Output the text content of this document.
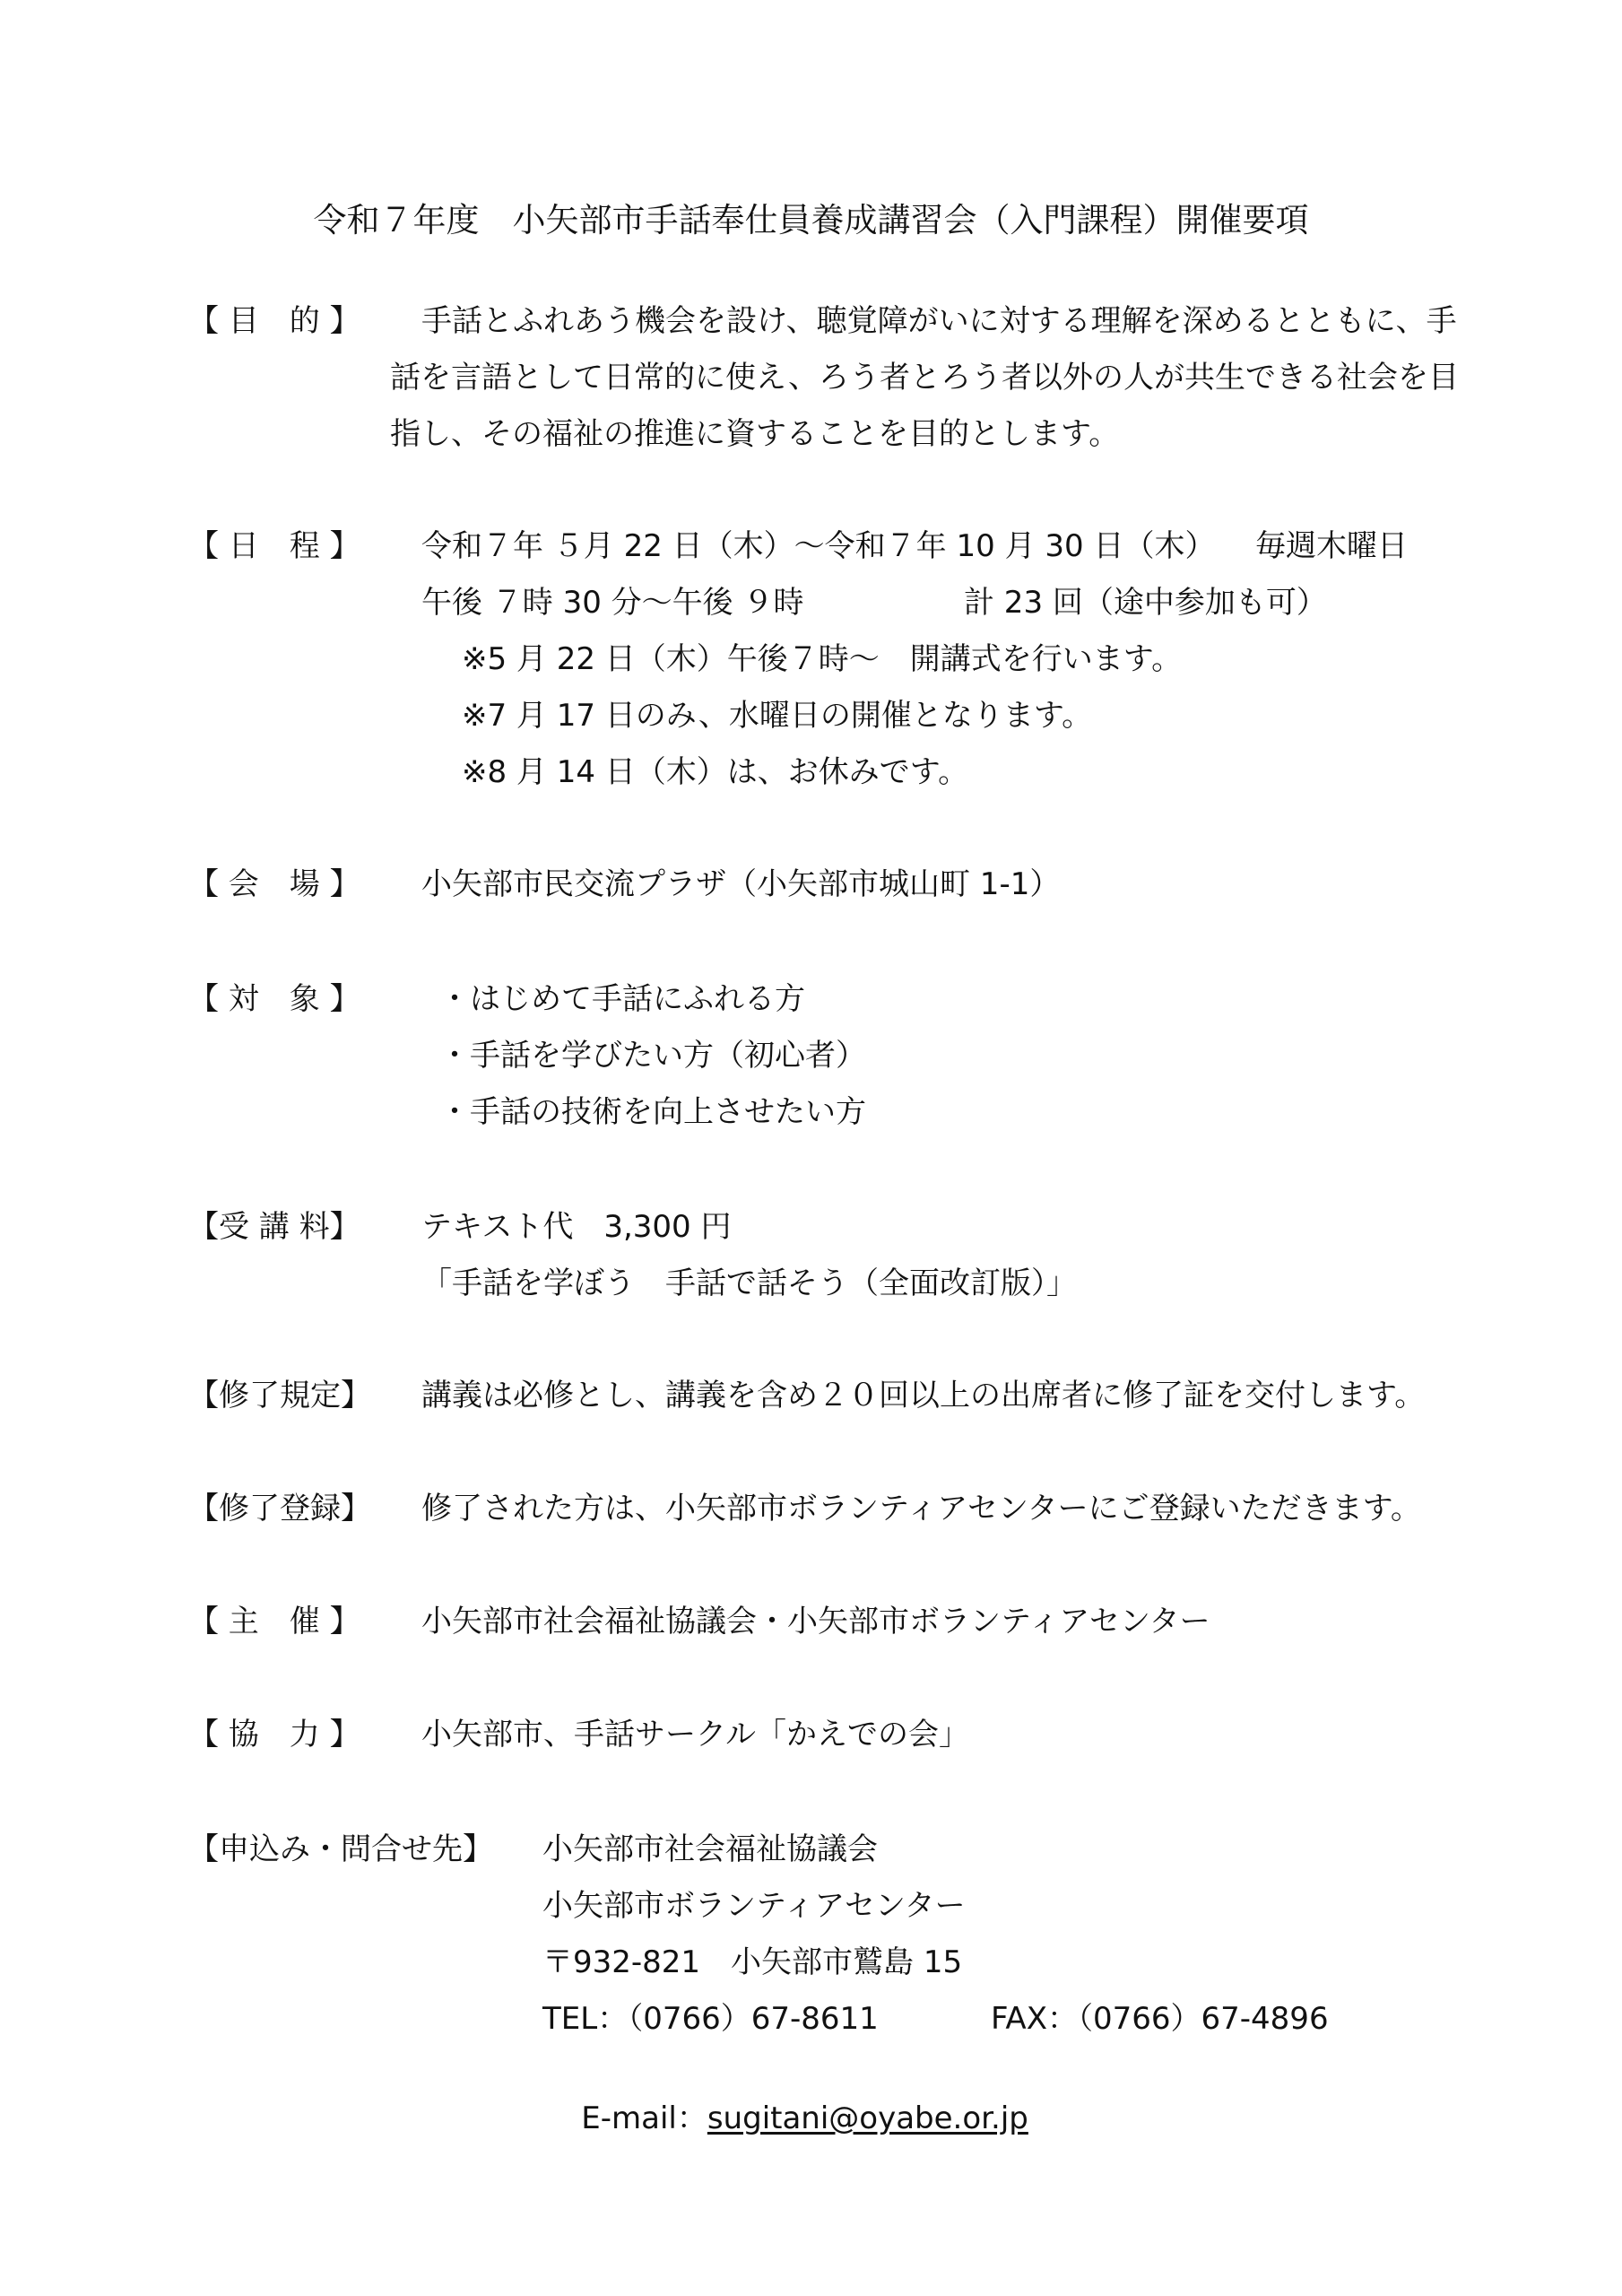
令和７年度　小矢部市手話奉仕員養成講習会（入門課程）開催要項
【 目　的 】 手話とふれあう機会を設け、聴覚障がいに対する理解を深めるとともに、手
話を言語として日常的に使え、ろう者とろう者以外の人が共生できる社会を目
指し、その福祉の推進に資することを目的とします。
【 日　程 】 令和７年 ５月 22 日（木）～令和７年 10 月 30 日（木） 毎週木曜日
午後 ７時 30 分～午後 ９時	計 23 回（途中参加も可）
※5 月 22 日（木）午後７時～　開講式を行います。
※7 月 17 日のみ、水曜日の開催となります。
※8 月 14 日（木）は、お休みです。
【 会　場 】 小矢部市民交流プラザ（小矢部市城山町 1-1）
【 対　象 】	・はじめて手話にふれる方
・手話を学びたい方（初心者）
・手話の技術を向上させたい方
【受 講 料】 テキスト代　3,300 円
「手話を学ぼう　手話で話そう（全面改訂版）」
【修了規定】 講義は必修とし、講義を含め２０回以上の出席者に修了証を交付します。
【修了登録】 修了された方は、小矢部市ボランティアセンターにご登録いただきます。
【 主　催 】 小矢部市社会福祉協議会・小矢部市ボランティアセンター
【 協　力 】 小矢部市、手話サークル「かえでの会」
【申込み・問合せ先】 小矢部市社会福祉協議会
小矢部市ボランティアセンター
〒932-821　小矢部市鷲島 15
TEL：（0766）67-8611	FAX：（0766）67-4896

E-mail：sugitani@oyabe.or.jp
